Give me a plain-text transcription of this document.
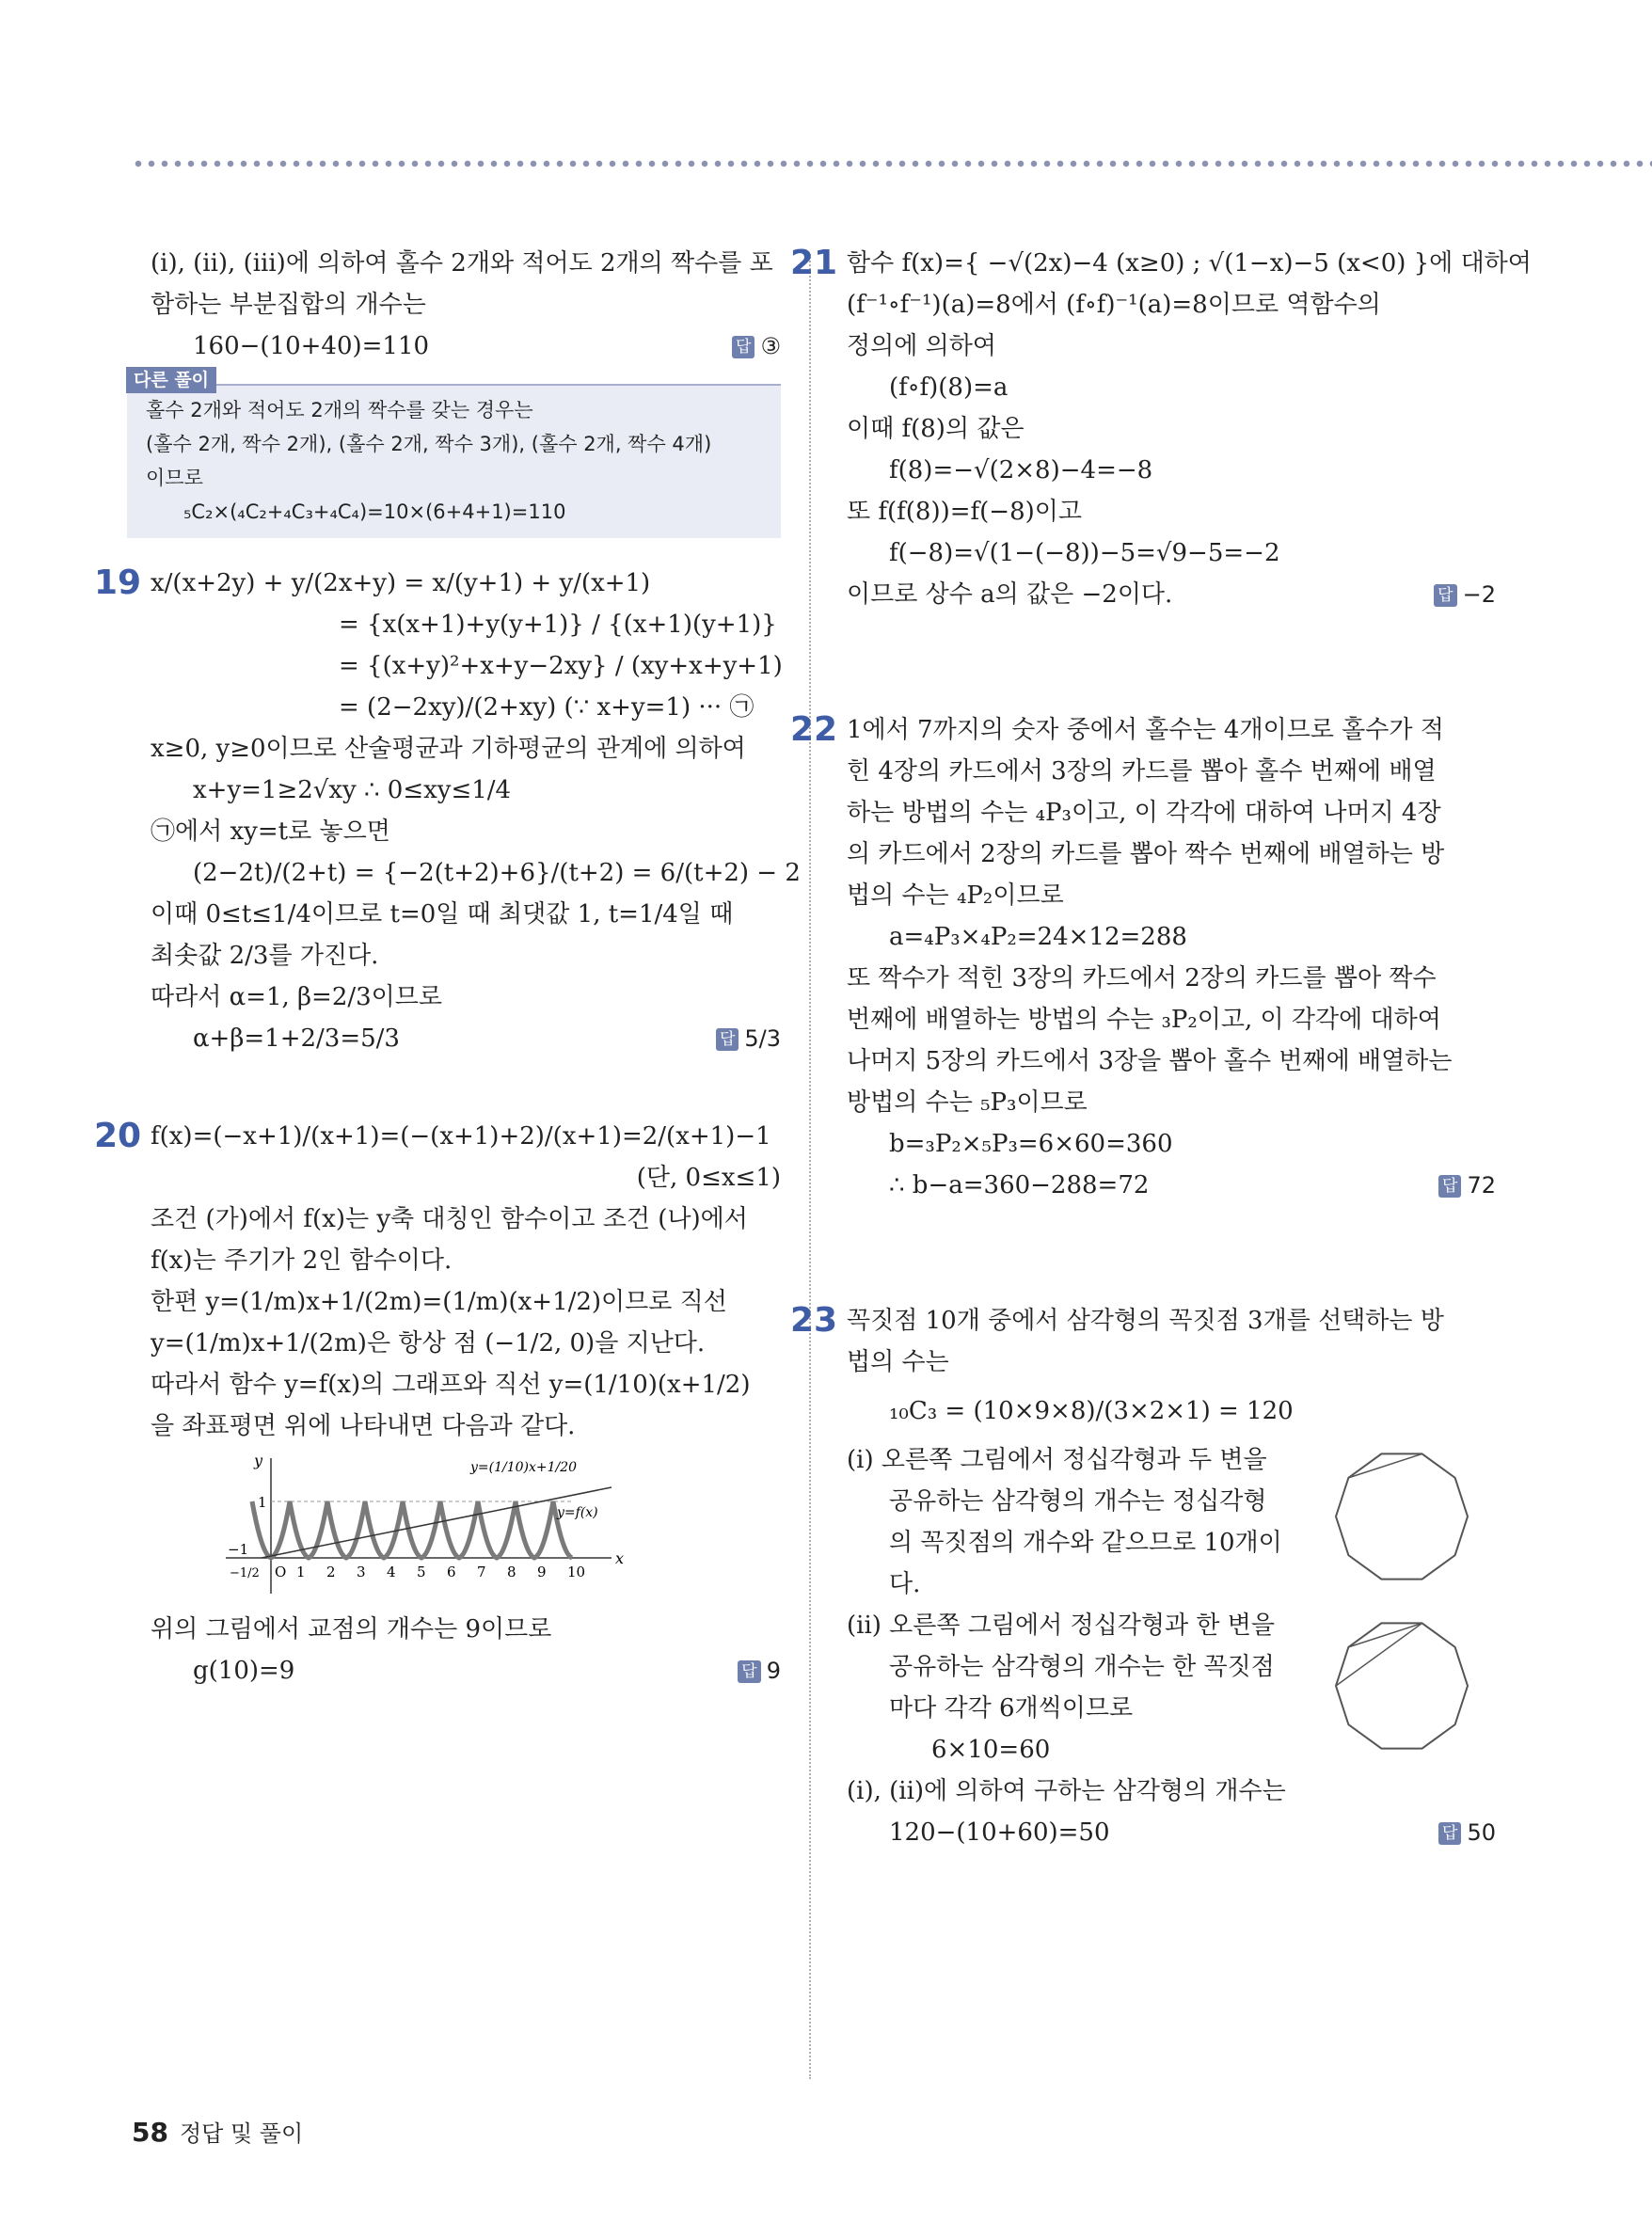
(i), (ii), (iii)에 의하여 홀수 2개와 적어도 2개의 짝수를 포
함하는 부분집합의 개수는
160−(10+40)=110	답 ③
다른 풀이
홀수 2개와 적어도 2개의 짝수를 갖는 경우는
(홀수 2개, 짝수 2개), (홀수 2개, 짝수 3개), (홀수 2개, 짝수 4개)
이므로
₅C₂×(₄C₂+₄C₃+₄C₄)=10×(6+4+1)=110
19 x/(x+2y) + y/(2x+y) = x/(y+1) + y/(x+1)
= {x(x+1)+y(y+1)} / {(x+1)(y+1)}
= {(x+y)²+x+y−2xy} / (xy+x+y+1)
= (2−2xy)/(2+xy) (∵ x+y=1) ··· ㉠
x≥0, y≥0이므로 산술평균과 기하평균의 관계에 의하여
x+y=1≥2√xy ∴ 0≤xy≤1/4
㉠에서 xy=t로 놓으면
(2−2t)/(2+t) = {−2(t+2)+6}/(t+2) = 6/(t+2) − 2
이때 0≤t≤1/4이므로 t=0일 때 최댓값 1, t=1/4일 때
최솟값 2/3를 가진다.
따라서 α=1, β=2/3이므로
α+β=1+2/3=5/3	답 5/3
20 f(x)=(−x+1)/(x+1)=(−(x+1)+2)/(x+1)=2/(x+1)−1
(단, 0≤x≤1)
조건 (가)에서 f(x)는 y축 대칭인 함수이고 조건 (나)에서
f(x)는 주기가 2인 함수이다.
한편 y=(1/m)x+1/(2m)=(1/m)(x+1/2)이므로 직선
y=(1/m)x+1/(2m)은 항상 점 (−1/2, 0)을 지난다.
따라서 함수 y=f(x)의 그래프와 직선 y=(1/10)(x+1/2)
을 좌표평면 위에 나타내면 다음과 같다.
y
x
1
−1
−1/2 O 1 2 3 4 5 6 7 8 9 10
y=(1/10)x+1/20
y=f(x)
위의 그림에서 교점의 개수는 9이므로
g(10)=9	답 9
21 함수 f(x)={ −√(2x)−4 (x≥0) ; √(1−x)−5 (x<0) }에 대하여
(f⁻¹∘f⁻¹)(a)=8에서 (f∘f)⁻¹(a)=8이므로 역함수의
정의에 의하여
(f∘f)(8)=a
이때 f(8)의 값은
f(8)=−√(2×8)−4=−8
또 f(f(8))=f(−8)이고
f(−8)=√(1−(−8))−5=√9−5=−2
이므로 상수 a의 값은 −2이다.	답 −2
22 1에서 7까지의 숫자 중에서 홀수는 4개이므로 홀수가 적
힌 4장의 카드에서 3장의 카드를 뽑아 홀수 번째에 배열
하는 방법의 수는 ₄P₃이고, 이 각각에 대하여 나머지 4장
의 카드에서 2장의 카드를 뽑아 짝수 번째에 배열하는 방
법의 수는 ₄P₂이므로
a=₄P₃×₄P₂=24×12=288
또 짝수가 적힌 3장의 카드에서 2장의 카드를 뽑아 짝수
번째에 배열하는 방법의 수는 ₃P₂이고, 이 각각에 대하여
나머지 5장의 카드에서 3장을 뽑아 홀수 번째에 배열하는
방법의 수는 ₅P₃이므로
b=₃P₂×₅P₃=6×60=360
∴ b−a=360−288=72	답 72
23 꼭짓점 10개 중에서 삼각형의 꼭짓점 3개를 선택하는 방
법의 수는
₁₀C₃ = (10×9×8)/(3×2×1) = 120
(i) 오른쪽 그림에서 정십각형과 두 변을
공유하는 삼각형의 개수는 정십각형
의 꼭짓점의 개수와 같으므로 10개이
다.
(ii) 오른쪽 그림에서 정십각형과 한 변을
공유하는 삼각형의 개수는 한 꼭짓점
마다 각각 6개씩이므로
6×10=60
(i), (ii)에 의하여 구하는 삼각형의 개수는
120−(10+60)=50	답 50
58 정답 및 풀이
